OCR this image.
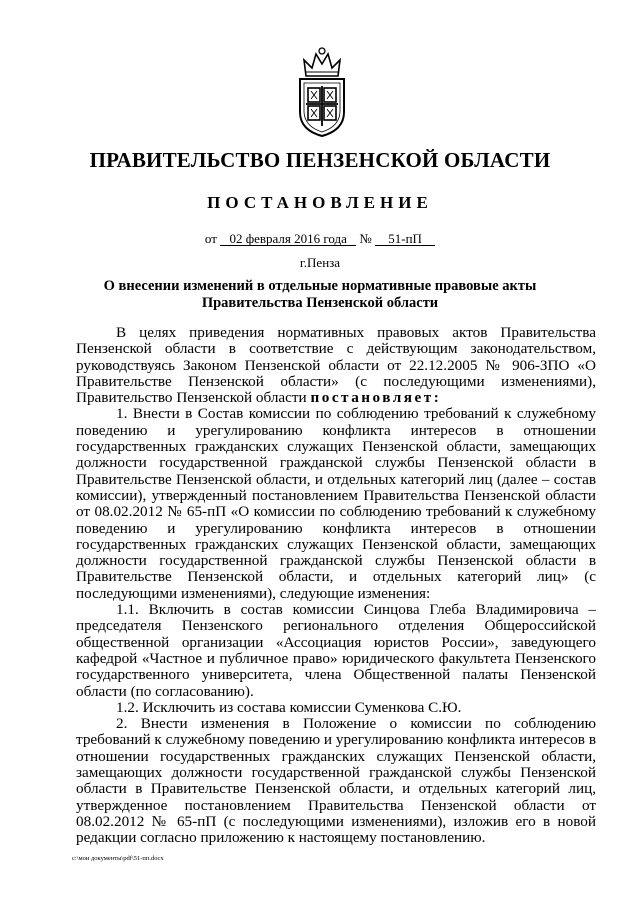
ПРАВИТЕЛЬСТВО ПЕНЗЕНСКОЙ ОБЛАСТИ
ПОСТАНОВЛЕНИЕ
от 02 февраля 2016 года № 51-пП
г.Пенза
О внесении изменений в отдельные нормативные правовые акты
Правительства Пензенской области

В целях приведения нормативных правовых актов Правительства Пензенской области в соответствие с действующим законодательством, руководствуясь Законом Пензенской области от 22.12.2005 № 906-ЗПО «О Правительстве Пензенской области» (с последующими изменениями), Правительство Пензенской области постановляет:

1. Внести в Состав комиссии по соблюдению требований к служебному поведению и урегулированию конфликта интересов в отношении государственных гражданских служащих Пензенской области, замещающих должности государственной гражданской службы Пензенской области в Правительстве Пензенской области, и отдельных категорий лиц (далее – состав комиссии), утвержденный постановлением Правительства Пензенской области от 08.02.2012 № 65-пП «О комиссии по соблюдению требований к служебному поведению и урегулированию конфликта интересов в отношении государственных гражданских служащих Пензенской области, замещающих должности государственной гражданской службы Пензенской области в Правительстве Пензенской области, и отдельных категорий лиц» (с последующими изменениями), следующие изменения:

1.1. Включить в состав комиссии Синцова Глеба Владимировича – председателя Пензенского регионального отделения Общероссийской общественной организации «Ассоциация юристов России», заведующего кафедрой «Частное и публичное право» юридического факультета Пензенского государственного университета, члена Общественной палаты Пензенской области (по согласованию).

1.2. Исключить из состава комиссии Суменкова С.Ю.

2. Внести изменения в Положение о комиссии по соблюдению требований к служебному поведению и урегулированию конфликта интересов в отношении государственных гражданских служащих Пензенской области, замещающих должности государственной гражданской службы Пензенской области в Правительстве Пензенской области, и отдельных категорий лиц, утвержденное постановлением Правительства Пензенской области от 08.02.2012 № 65-пП (с последующими изменениями), изложив его в новой редакции согласно приложению к настоящему постановлению.

c:\мои документы\pdf\51-пп.docx
